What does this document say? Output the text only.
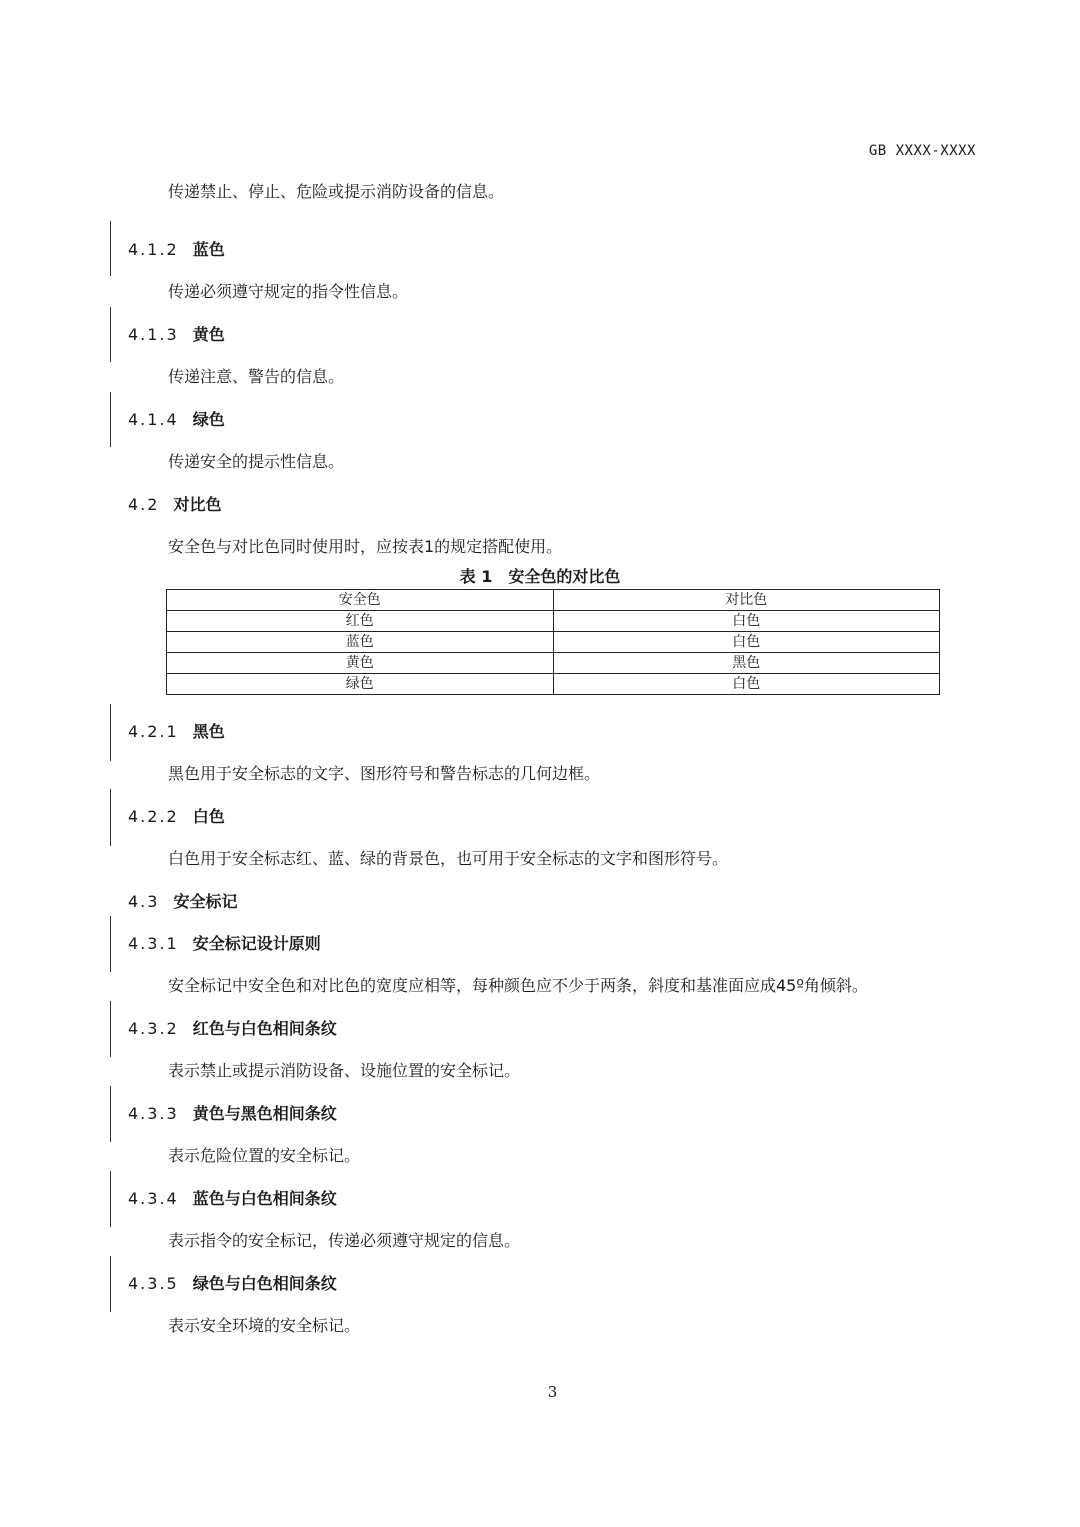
GB XXXX-XXXX
传递禁止、停止、危险或提示消防设备的信息。
4.1.2 蓝色
传递必须遵守规定的指令性信息。
4.1.3 黄色
传递注意、警告的信息。
4.1.4 绿色
传递安全的提示性信息。
4.2 对比色
安全色与对比色同时使用时，应按表1的规定搭配使用。
表 1　安全色的对比色
安全色	对比色
红色	白色
蓝色	白色
黄色	黑色
绿色	白色
4.2.1 黑色
黑色用于安全标志的文字、图形符号和警告标志的几何边框。
4.2.2 白色
白色用于安全标志红、蓝、绿的背景色，也可用于安全标志的文字和图形符号。
4.3 安全标记
4.3.1 安全标记设计原则
安全标记中安全色和对比色的宽度应相等，每种颜色应不少于两条，斜度和基准面应成45º角倾斜。
4.3.2 红色与白色相间条纹
表示禁止或提示消防设备、设施位置的安全标记。
4.3.3 黄色与黑色相间条纹
表示危险位置的安全标记。
4.3.4 蓝色与白色相间条纹
表示指令的安全标记，传递必须遵守规定的信息。
4.3.5 绿色与白色相间条纹
表示安全环境的安全标记。
3
